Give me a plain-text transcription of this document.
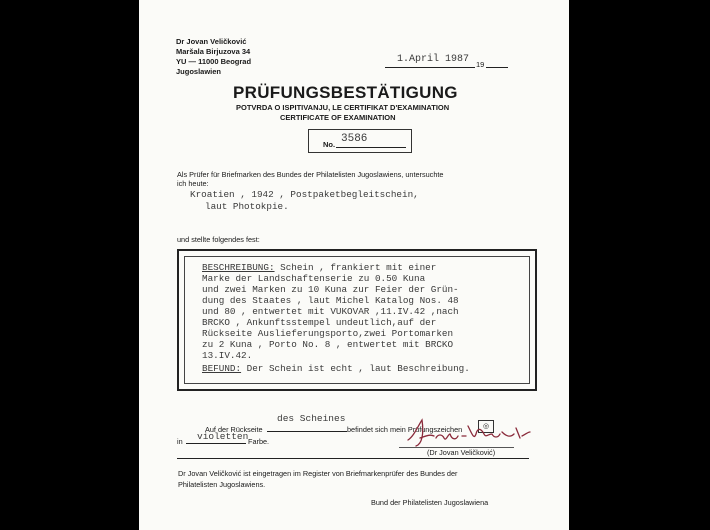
Dr Jovan Veličković
Maršala Birjuzova 34
YU — 11000 Beograd
Jugoslawien
1.April 1987 19
PRÜFUNGSBESTÄTIGUNG
POTVRDA O ISPITIVANJU, LE CERTIFIKAT D'EXAMINATION
CERTIFICATE OF EXAMINATION
No. 3586
Als Prüfer für Briefmarken des Bundes der Philatelisten Jugoslawiens, untersuchte
ich heute:
Kroatien , 1942 , Postpaketbegleitschein,
laut Photokpie.
und stellte folgendes fest:
BESCHREIBUNG: Schein , frankiert mit einer
Marke der Landschaftenserie zu 0.50 Kuna
und zwei Marken zu 10 Kuna zur Feier der Grün-
dung des Staates , laut Michel Katalog Nos. 48
und 80 , entwertet mit VUKOVAR ,11.IV.42 ,nach
BRCKO , Ankunftsstempel undeutlich,auf der
Rückseite Auslieferungsporto,zwei Portomarken
zu 2 Kuna , Porto No. 8 , entwertet mit BRCKO
13.IV.42.
BEFUND: Der Schein ist echt , laut Beschreibung.
des Scheines
Auf der Rückseite	befindet sich mein Prüfungszeichen	◎
in violetten Farbe.
(Dr Jovan Veličković)
Dr Jovan Veličković ist eingetragen im Register von Briefmarkenprüfer des Bundes der
Philatelisten Jugoslawiens.
Bund der Philatelisten Jugoslawiena
